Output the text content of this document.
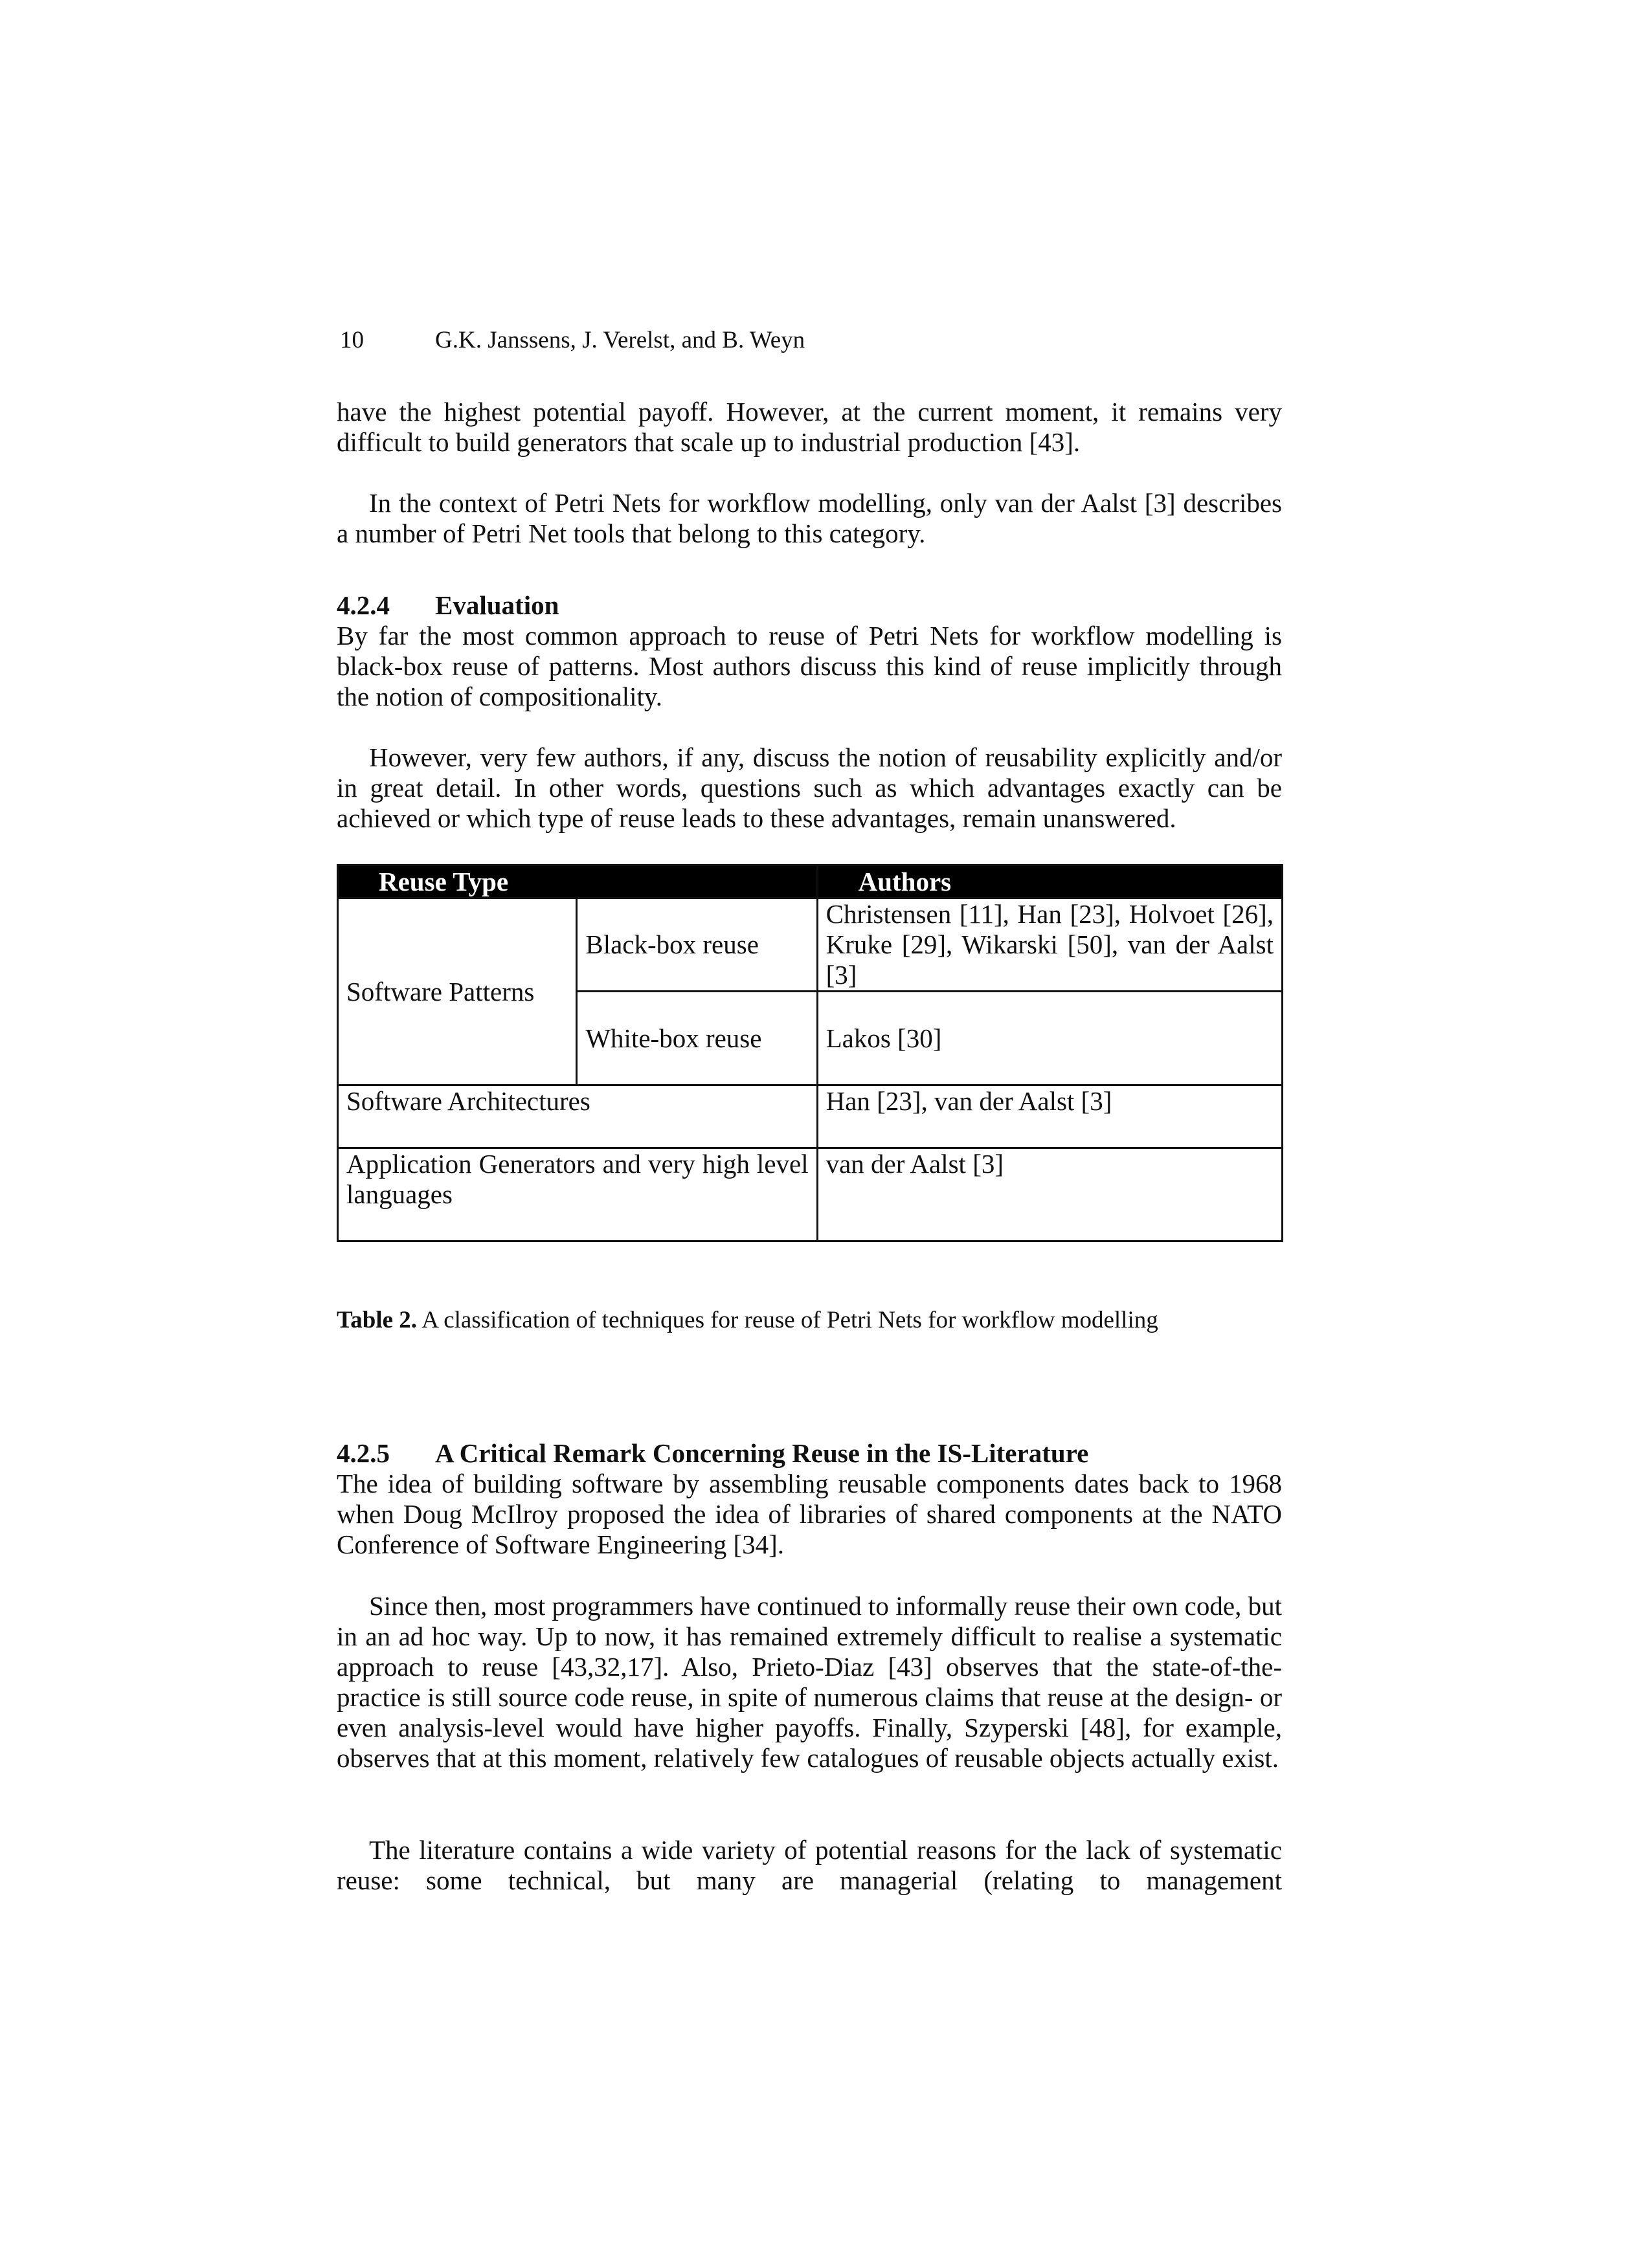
10	G.K. Janssens, J. Verelst, and B. Weyn

have the highest potential payoff. However, at the current moment, it remains very difficult to build generators that scale up to industrial production [43].

In the context of Petri Nets for workflow modelling, only van der Aalst [3] describes a number of Petri Net tools that belong to this category.

4.2.4 Evaluation

By far the most common approach to reuse of Petri Nets for workflow modelling is black-box reuse of patterns. Most authors discuss this kind of reuse implicitly through the notion of compositionality.

However, very few authors, if any, discuss the notion of reusability explicitly and/or in great detail. In other words, questions such as which advantages exactly can be achieved or which type of reuse leads to these advantages, remain unanswered.

Reuse Type		Authors
Software Patterns	Black-box reuse	Christensen [11], Han [23], Holvoet [26], Kruke [29], Wikarski [50], van der Aalst [3]
	White-box reuse	Lakos [30]
Software Architectures		Han [23], van der Aalst [3]
Application Generators and very high level languages		van der Aalst [3]
Table 2. A classification of techniques for reuse of Petri Nets for workflow modelling
4.2.5 A Critical Remark Concerning Reuse in the IS-Literature

The idea of building software by assembling reusable components dates back to 1968 when Doug McIlroy proposed the idea of libraries of shared components at the NATO Conference of Software Engineering [34].

Since then, most programmers have continued to informally reuse their own code, but in an ad hoc way. Up to now, it has remained extremely difficult to realise a systematic approach to reuse [43,32,17]. Also, Prieto-Diaz [43] observes that the state-of-the-practice is still source code reuse, in spite of numerous claims that reuse at the design- or even analysis-level would have higher payoffs. Finally, Szyperski [48], for example, observes that at this moment, relatively few catalogues of reusable objects actually exist.

The literature contains a wide variety of potential reasons for the lack of systematic reuse: some technical, but many are managerial (relating to management
